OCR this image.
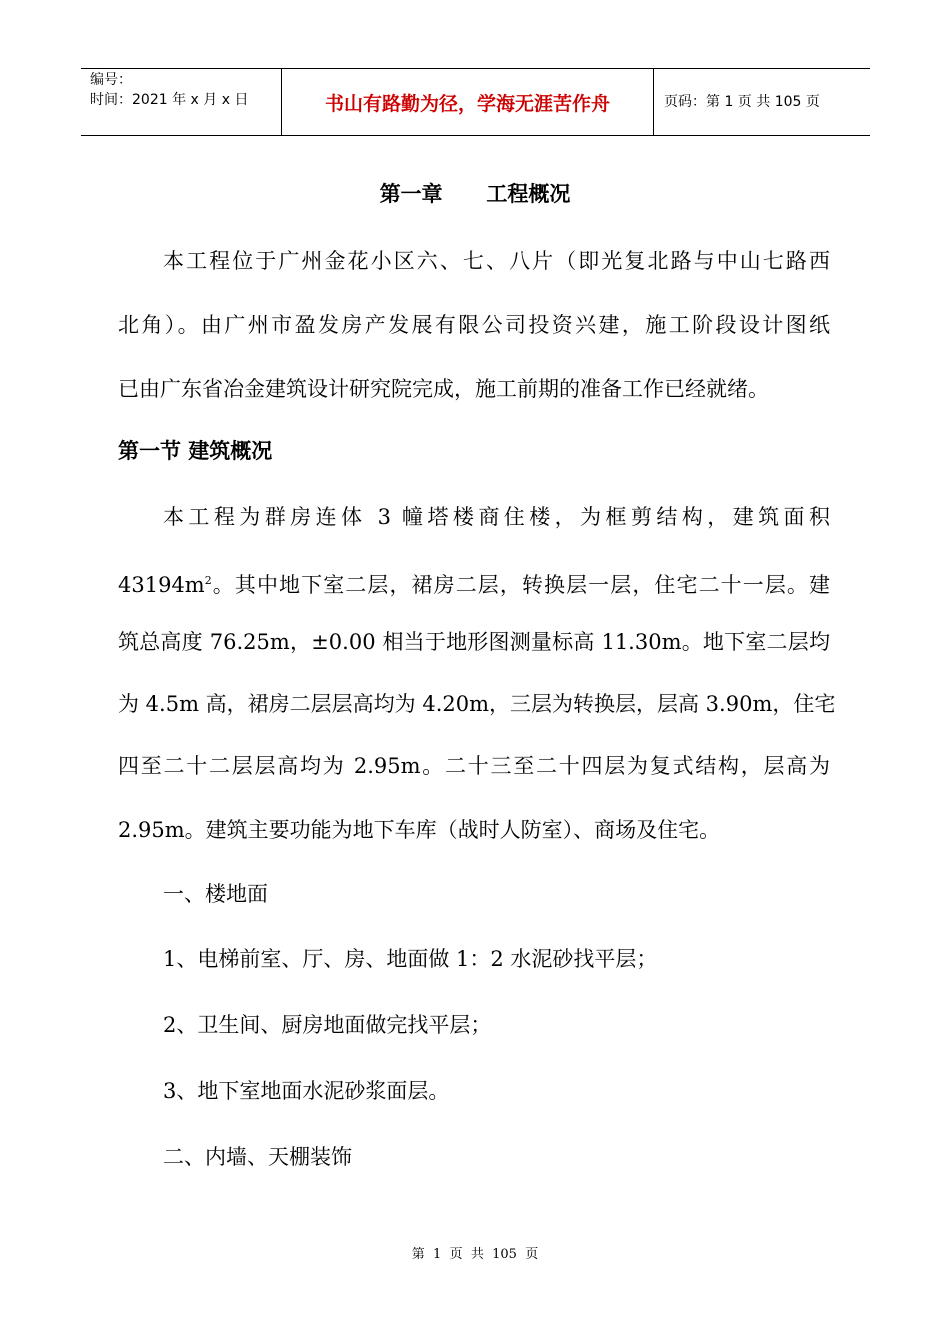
编号：
时间：2021 年 x 月 x 日	书山有路勤为径，学海无涯苦作舟	页码：第 1 页 共 105 页
第一章      工程概况
本工程位于广州金花小区六、七、八片（即光复北路与中山七路西
北角）。由广州市盈发房产发展有限公司投资兴建，施工阶段设计图纸
已由广东省冶金建筑设计研究院完成，施工前期的准备工作已经就绪。
第一节 建筑概况
本工程为群房连体 3 幢塔楼商住楼，为框剪结构，建筑面积
$43194m^2$。其中地下室二层，裙房二层，转换层一层，住宅二十一层。建
筑总高度 76.25m，±0.00 相当于地形图测量标高 11.30m。地下室二层均
为 4.5m 高，裙房二层层高均为 4.20m，三层为转换层，层高 3.90m，住宅
四至二十二层层高均为 2.95m。二十三至二十四层为复式结构，层高为
2.95m。建筑主要功能为地下车库（战时人防室）、商场及住宅。
一、楼地面
1、电梯前室、厅、房、地面做 1：2 水泥砂找平层；
2、卫生间、厨房地面做完找平层；
3、地下室地面水泥砂浆面层。
二、内墙、天棚装饰
第  1  页  共  105  页
